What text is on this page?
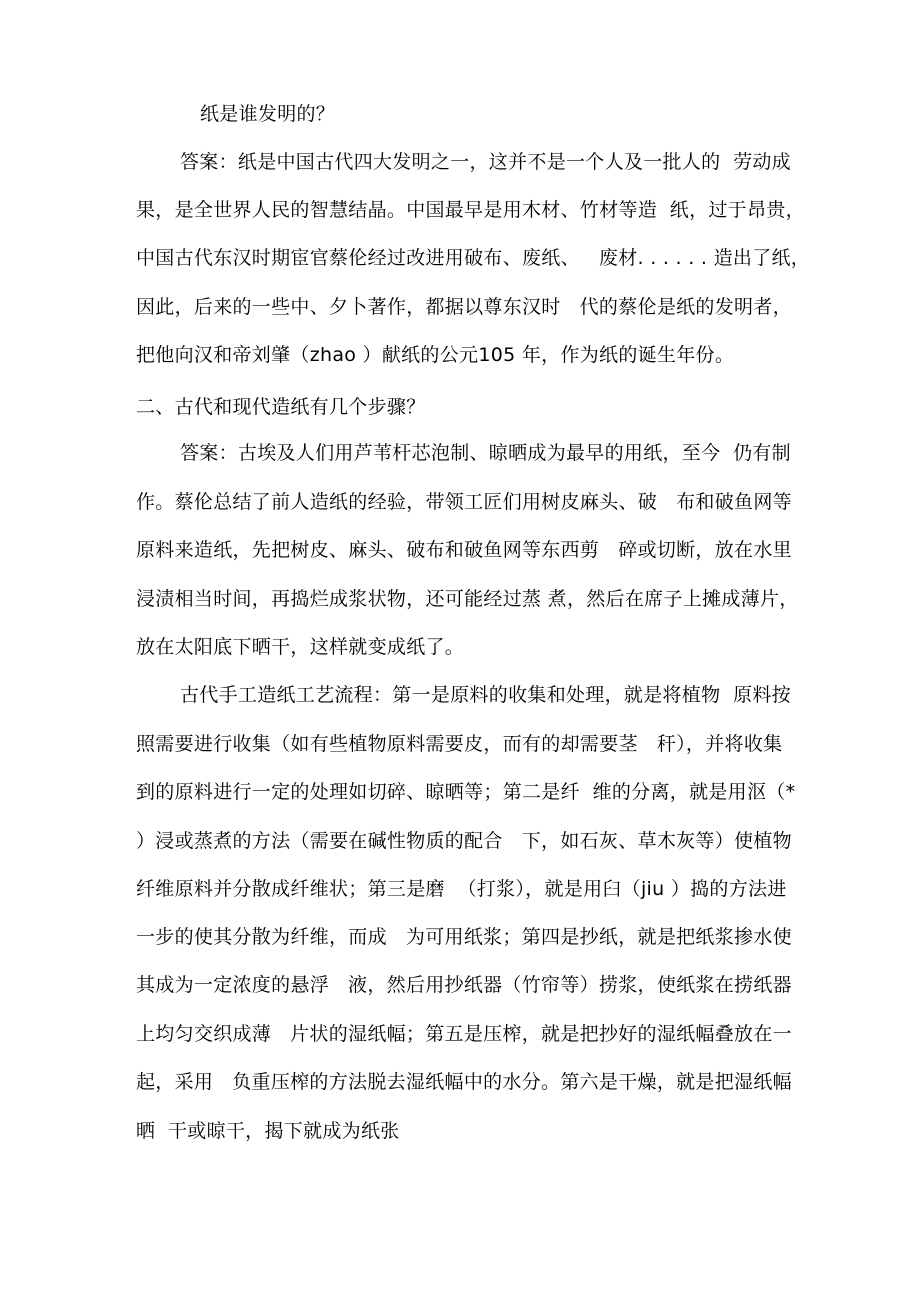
纸是谁发明的？
答案：纸是中国古代四大发明之一，这并不是一个人及一批人的  劳动成
果，是全世界人民的智慧结晶。中国最早是用木材、竹材等造  纸，过于昂贵，
中国古代东汉时期宦官蔡伦经过改进用破布、废纸、   废材. . . . . . 造出了纸，
因此，后来的一些中、夕卜著作，都据以尊东汉时   代的蔡伦是纸的发明者，
把他向汉和帝刘肇（zhao ）献纸的公元105 年，作为纸的诞生年份。
二、古代和现代造纸有几个步骤？
答案：古埃及人们用芦苇杆芯泡制、晾晒成为最早的用纸，至今  仍有制
作。蔡伦总结了前人造纸的经验，带领工匠们用树皮麻头、破   布和破鱼网等
原料来造纸，先把树皮、麻头、破布和破鱼网等东西剪   碎或切断，放在水里
浸渍相当时间，再捣烂成浆状物，还可能经过蒸 煮，然后在席子上摊成薄片，
放在太阳底下晒干，这样就变成纸了。
古代手工造纸工艺流程：第一是原料的收集和处理，就是将植物  原料按
照需要进行收集（如有些植物原料需要皮，而有的却需要茎   秆），并将收集
到的原料进行一定的处理如切碎、晾晒等；第二是纤  维的分离，就是用沤（*
）浸或蒸煮的方法（需要在碱性物质的配合   下，如石灰、草木灰等）使植物
纤维原料并分散成纤维状；第三是磨  （打浆），就是用臼（jiu ）捣的方法进
一步的使其分散为纤维，而成   为可用纸浆；第四是抄纸，就是把纸浆掺水使
其成为一定浓度的悬浮   液，然后用抄纸器（竹帘等）捞浆，使纸浆在捞纸器
上均匀交织成薄   片状的湿纸幅；第五是压榨，就是把抄好的湿纸幅叠放在一
起，采用   负重压榨的方法脱去湿纸幅中的水分。第六是干燥，就是把湿纸幅
晒  干或晾干，揭下就成为纸张
